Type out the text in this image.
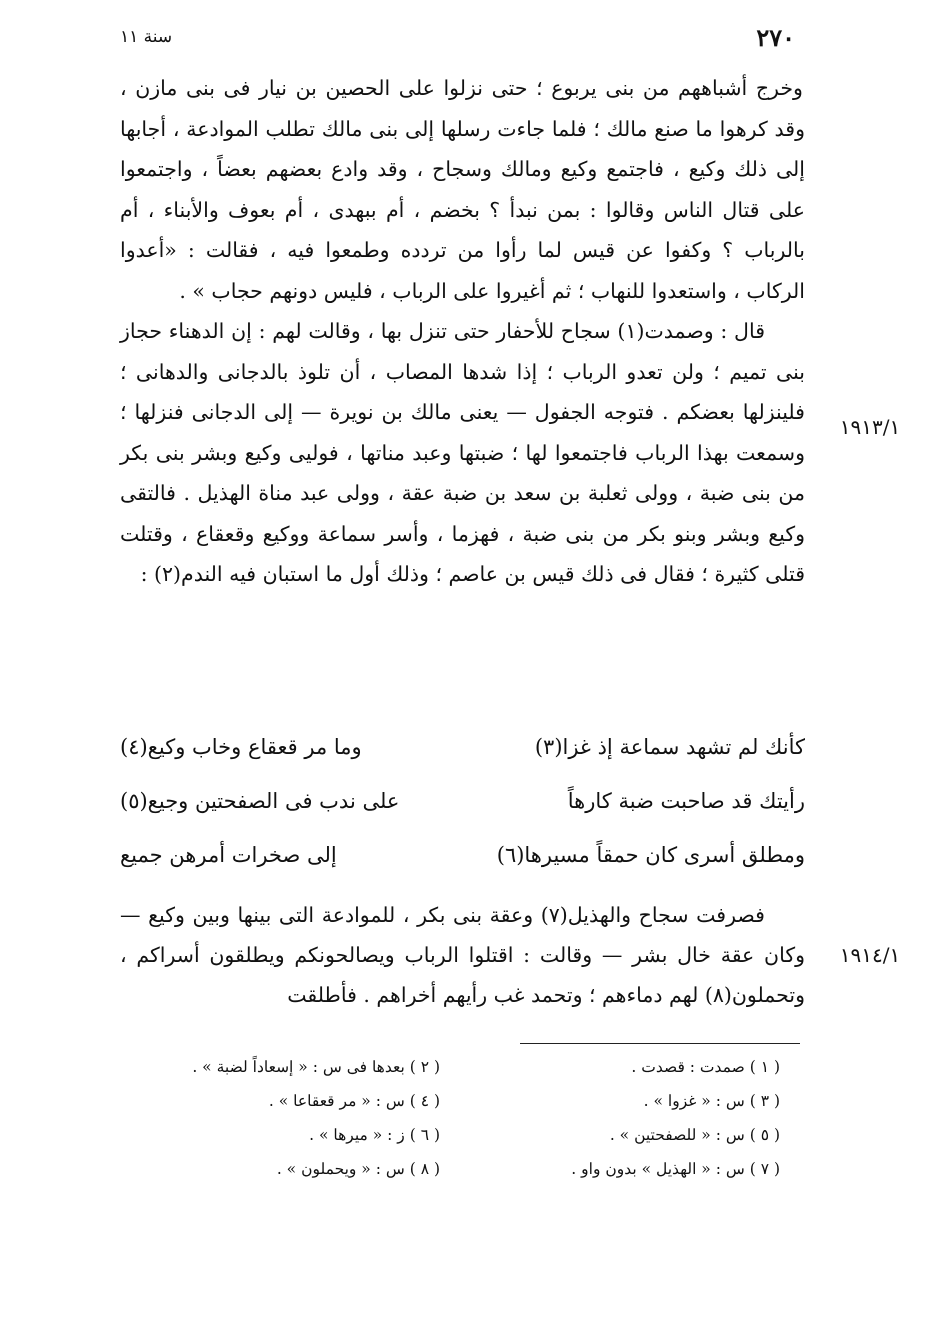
٢٧٠
سنة ١١

وخرج أشباههم من بنى يربوع ؛ حتى نزلوا على الحصين بن نيار فى بنى مازن ، وقد كرهوا ما صنع مالك ؛ فلما جاءت رسلها إلى بنى مالك تطلب الموادعة ، أجابها إلى ذلك وكيع ، فاجتمع وكيع ومالك وسجاح ، وقد وادع بعضهم بعضاً ، واجتمعوا على قتال الناس وقالوا : بمن نبدأ ؟ بخضم ، أم ببهدى ، أم بعوف والأبناء ، أم بالرباب ؟ وكفوا عن قيس لما رأوا من تردده وطمعوا فيه ، فقالت : «أعدوا الركاب ، واستعدوا للنهاب ؛ ثم أغيروا على الرباب ، فليس دونهم حجاب » .

قال : وصمدت(١) سجاح للأحفار حتى تنزل بها ، وقالت لهم : إن الدهناء حجاز بنى تميم ؛ ولن تعدو الرباب ؛ إذا شدها المصاب ، أن تلوذ بالدجانى والدهانى ؛ فلينزلها بعضكم . فتوجه الجفول — يعنى مالك بن نويرة — إلى الدجانى فنزلها ؛ وسمعت بهذا الرباب فاجتمعوا لها ؛ ضبتها وعبد مناتها ، فوليى وكيع وبشر بنى بكر من بنى ضبة ، وولى ثعلبة بن سعد بن ضبة عقة ، وولى عبد مناة الهذيل . فالتقى وكيع وبشر وبنو بكر من بنى ضبة ، فهزما ، وأسر سماعة ووكيع وقعقاع ، وقتلت قتلى كثيرة ؛ فقال فى ذلك قيس بن عاصم ؛ وذلك أول ما استبان فيه الندم(٢) :

١٩١٣/١
كأنك لم تشهد سماعة إذ غزا(٣)
وما مر قعقاع وخاب وكيع(٤)
رأيتك قد صاحبت ضبة كارهاً
على ندب فى الصفحتين وجيع(٥)
ومطلق أسرى كان حمقاً مسيرها(٦)
إلى صخرات أمرهن جميع

فصرفت سجاح والهذيل(٧) وعقة بنى بكر ، للموادعة التى بينها وبين وكيع — وكان عقة خال بشر — وقالت : اقتلوا الرباب ويصالحونكم ويطلقون أسراكم ، وتحملون(٨) لهم دماءهم ؛ وتحمد غب رأيهم أخراهم . فأطلقت

١٩١٤/١
( ١ ) صمدت : قصدت .
( ٢ ) بعدها فى س : « إسعاداً لضبة » .
( ٣ ) س : « غزوا » .
( ٤ ) س : « مر قعقاعا » .
( ٥ ) س : « للصفحتين » .
( ٦ ) ز : « ميرها » .
( ٧ ) س : « الهذيل » بدون واو .
( ٨ ) س : « ويحملون » .
